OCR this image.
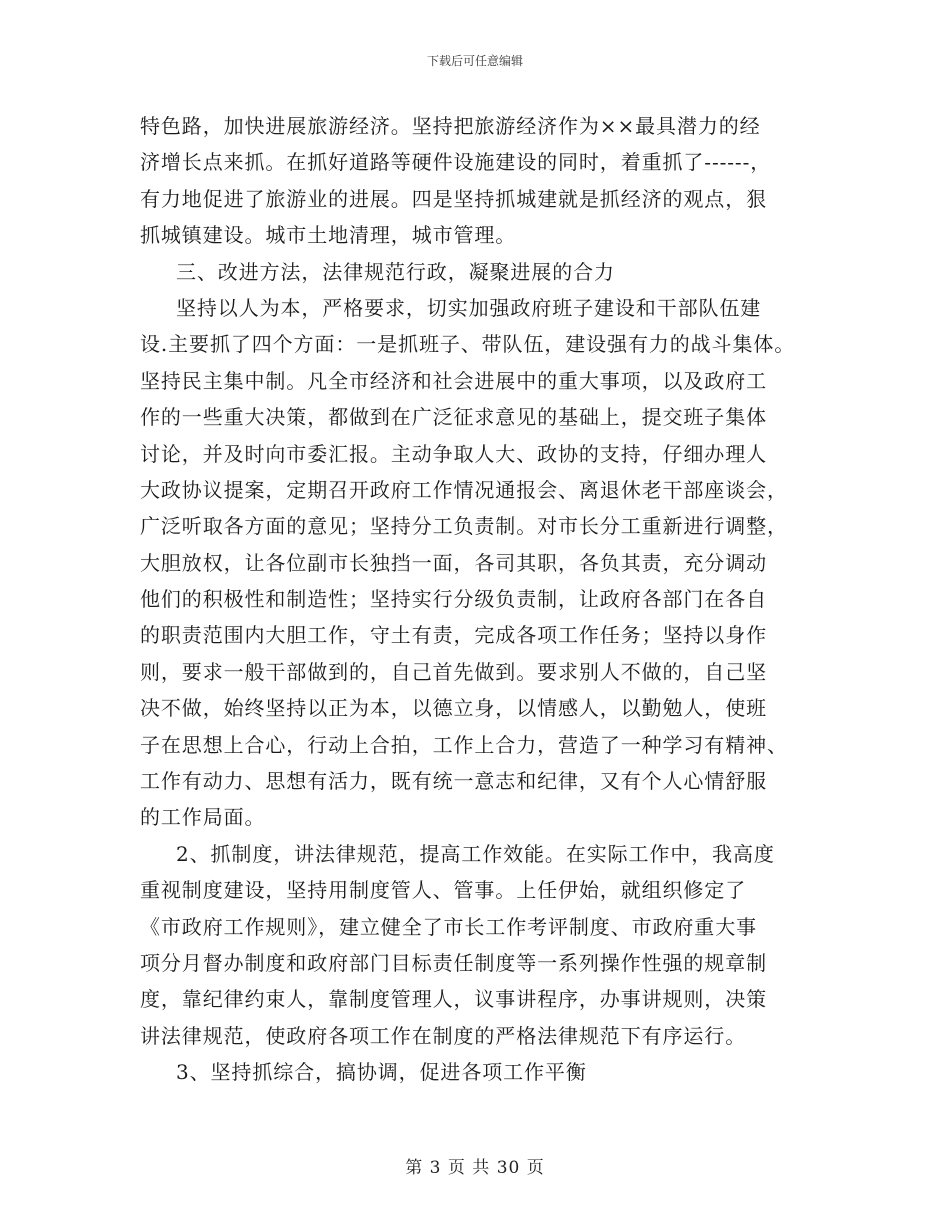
下载后可任意编辑
特色路，加快进展旅游经济。坚持把旅游经济作为××最具潜力的经
济增长点来抓。在抓好道路等硬件设施建设的同时，着重抓了------，
有力地促进了旅游业的进展。四是坚持抓城建就是抓经济的观点，狠
抓城镇建设。城市土地清理，城市管理。
三、改进方法，法律规范行政，凝聚进展的合力
坚持以人为本，严格要求，切实加强政府班子建设和干部队伍建
设.主要抓了四个方面：一是抓班子、带队伍，建设强有力的战斗集体。
坚持民主集中制。凡全市经济和社会进展中的重大事项，以及政府工
作的一些重大决策，都做到在广泛征求意见的基础上，提交班子集体
讨论，并及时向市委汇报。主动争取人大、政协的支持，仔细办理人
大政协议提案，定期召开政府工作情况通报会、离退休老干部座谈会，
广泛听取各方面的意见；坚持分工负责制。对市长分工重新进行调整，
大胆放权，让各位副市长独挡一面，各司其职，各负其责，充分调动
他们的积极性和制造性；坚持实行分级负责制，让政府各部门在各自
的职责范围内大胆工作，守土有责，完成各项工作任务；坚持以身作
则，要求一般干部做到的，自己首先做到。要求别人不做的，自己坚
决不做，始终坚持以正为本，以德立身，以情感人，以勤勉人，使班
子在思想上合心，行动上合拍，工作上合力，营造了一种学习有精神、
工作有动力、思想有活力，既有统一意志和纪律，又有个人心情舒服
的工作局面。
2、抓制度，讲法律规范，提高工作效能。在实际工作中，我高度
重视制度建设，坚持用制度管人、管事。上任伊始，就组织修定了
《市政府工作规则》，建立健全了市长工作考评制度、市政府重大事
项分月督办制度和政府部门目标责任制度等一系列操作性强的规章制
度，靠纪律约束人，靠制度管理人，议事讲程序，办事讲规则，决策
讲法律规范，使政府各项工作在制度的严格法律规范下有序运行。
3、坚持抓综合，搞协调，促进各项工作平衡
第 3 页 共 30 页
